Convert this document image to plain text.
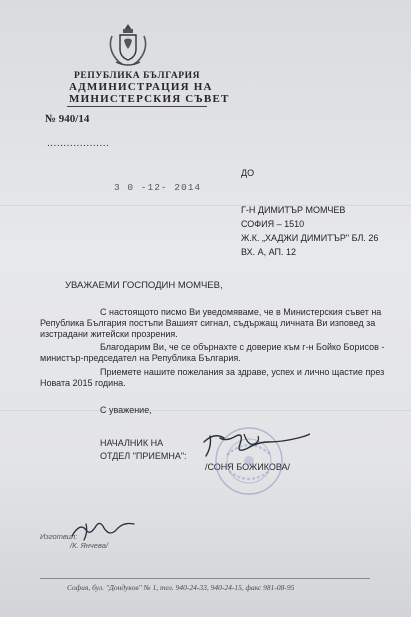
РЕПУБЛИКА БЪЛГАРИЯ
АДМИНИСТРАЦИЯ НА
МИНИСТЕРСКИЯ СЪВЕТ
№ 940/14
...................
3 0 -12- 2014
ДО
Г-Н ДИМИТЪР МОМЧЕВ
СОФИЯ – 1510
Ж.К. „ХАДЖИ ДИМИТЪР" БЛ. 26
ВХ. А, АП. 12
УВАЖАЕМИ ГОСПОДИН МОМЧЕВ,
С настоящото писмо Ви уведомяваме, че в Министерския съвет на
Република България постъпи Вашият сигнал, съдържащ личната Ви изповед за
изстрадани житейски прозрения.
Благодарим Ви, че се обърнахте с доверие към г-н Бойко Борисов -
министър-председател на Република България.
Приемете нашите пожелания за здраве, успех и лично щастие през
Новата 2015 година.
С уважение,
НАЧАЛНИК НА
ОТДЕЛ "ПРИЕМНА":
/СОНЯ БОЖИКОВА/
Изготвил:
/К. Янчева/
София, бул. "Дондуков" № 1, тел. 940-24-33, 940-24-15, факс 981-08-95
